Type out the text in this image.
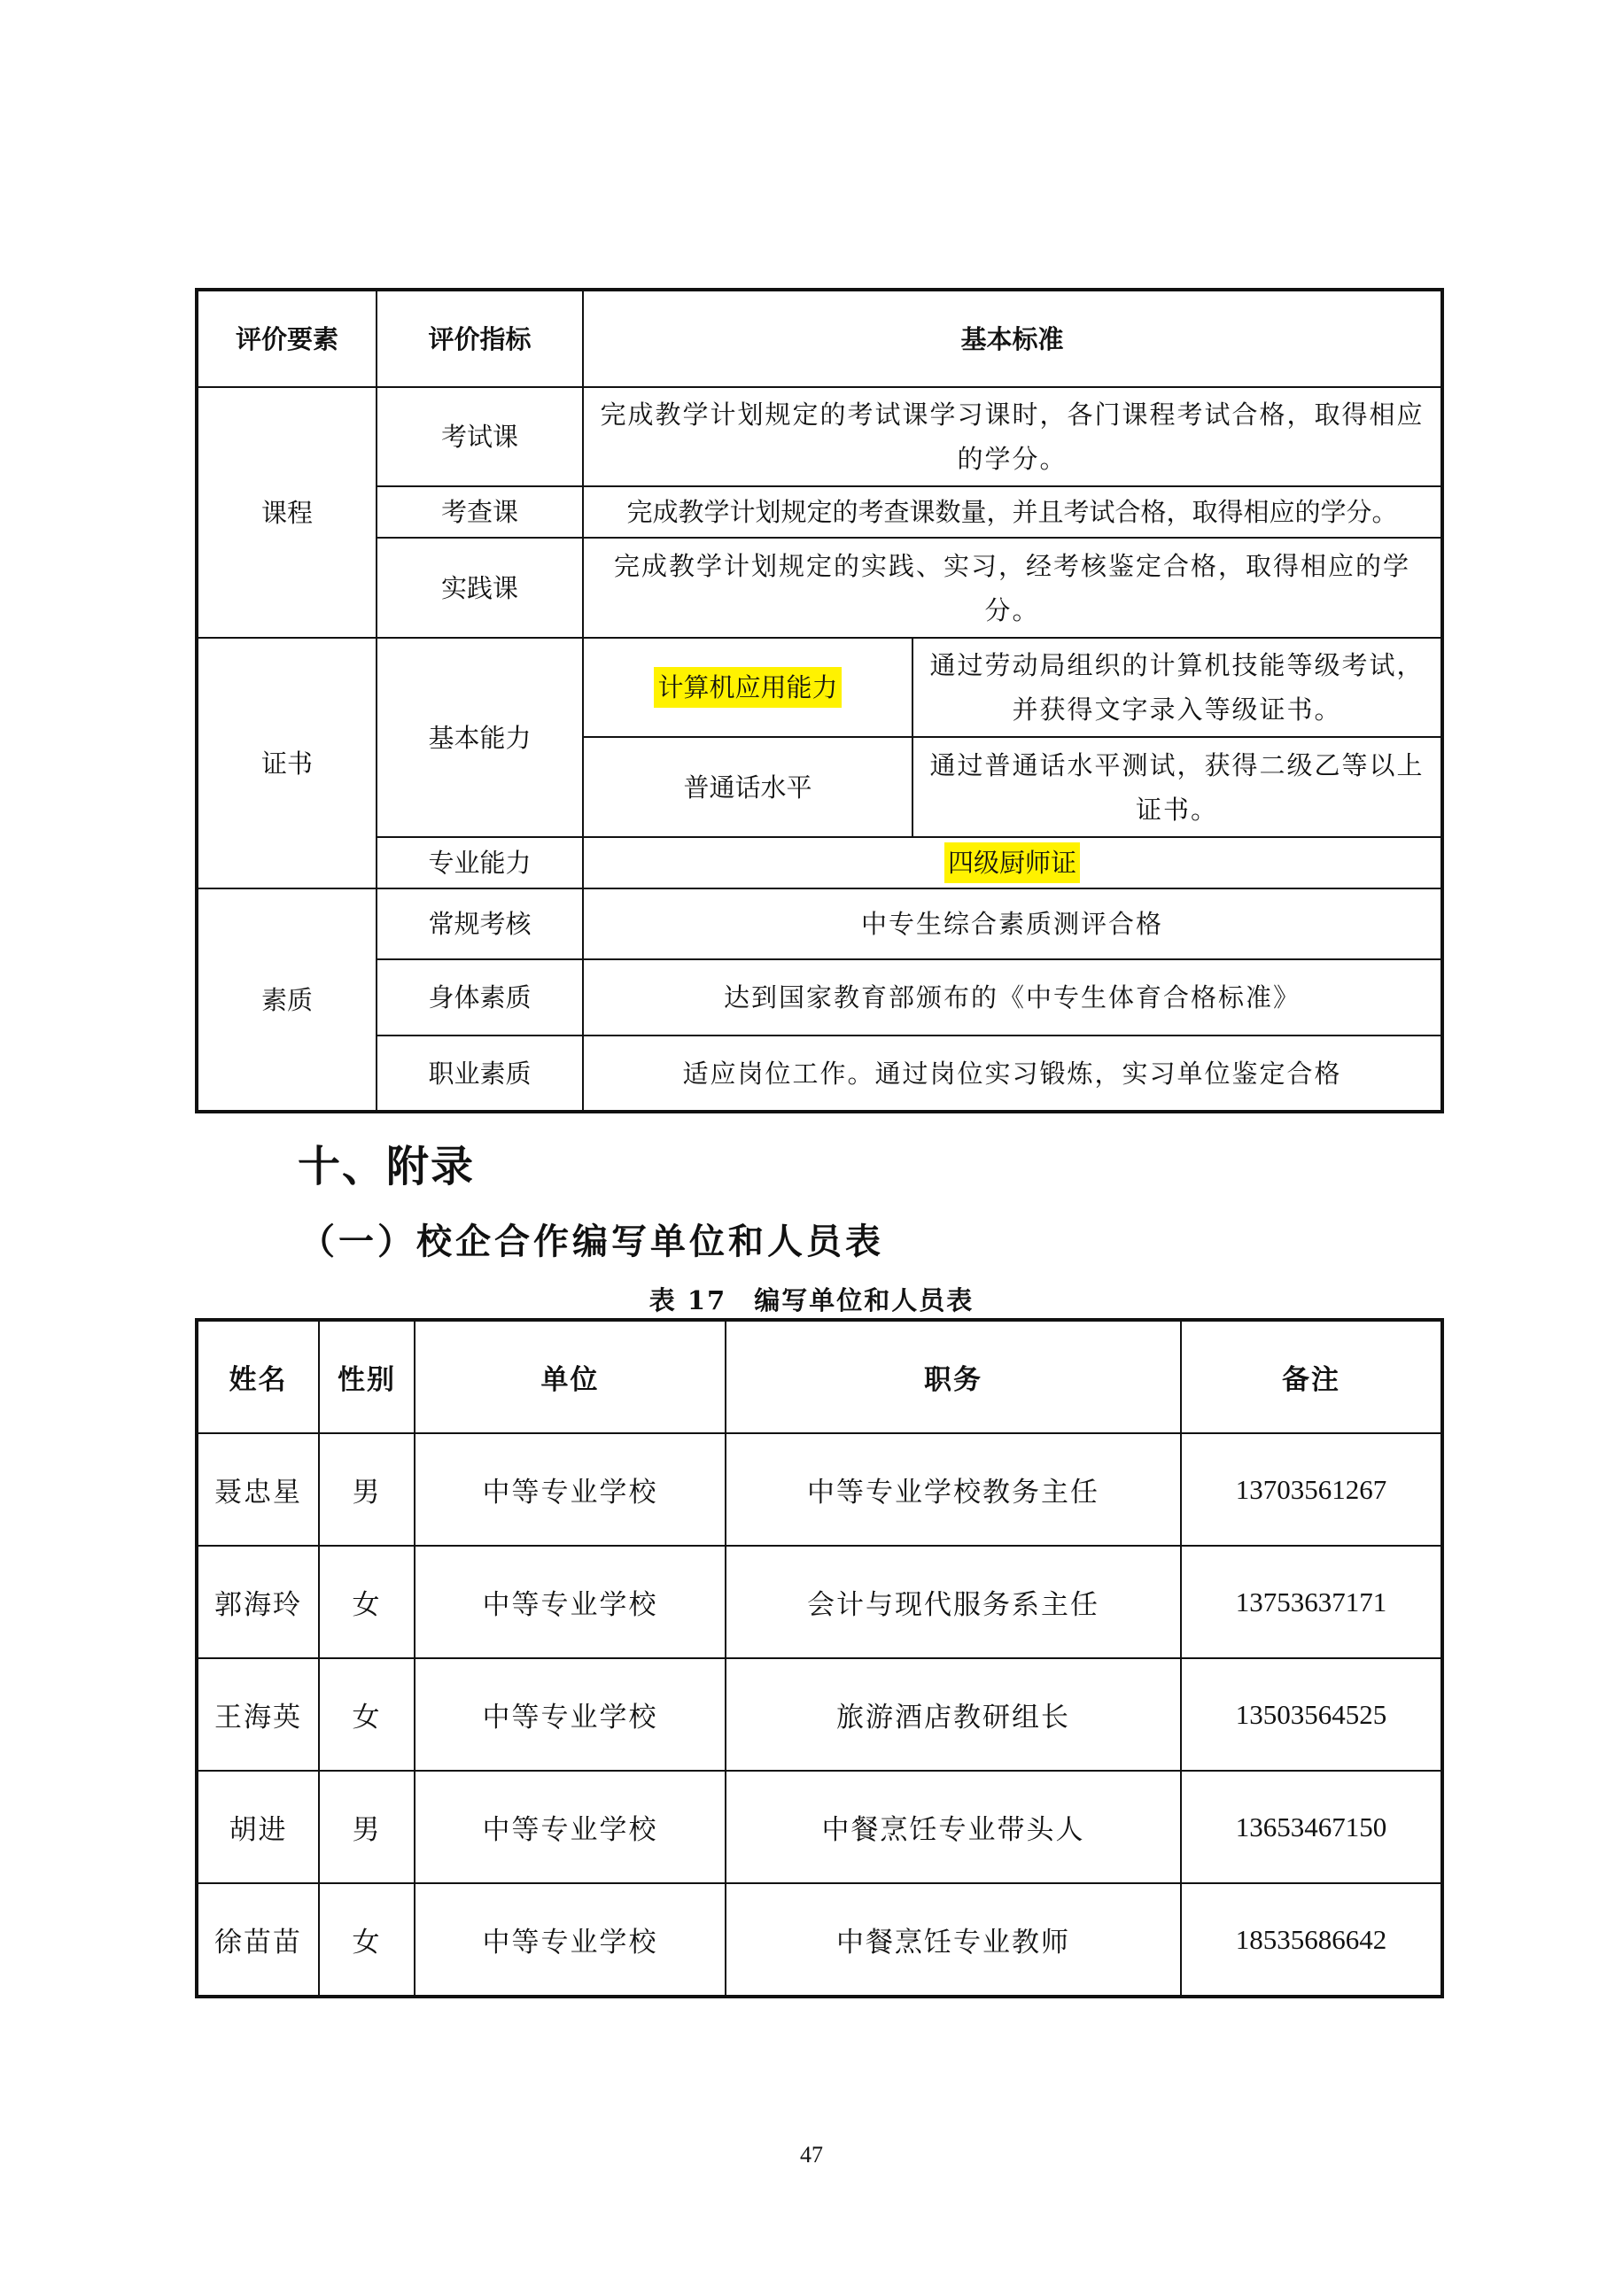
评价要素	评价指标	基本标准	
课程	考试课	完成教学计划规定的考试课学习课时，各门课程考试合格，取得相应的学分。	
	考查课	完成教学计划规定的考查课数量，并且考试合格，取得相应的学分。	
	实践课	完成教学计划规定的实践、实习，经考核鉴定合格，取得相应的学分。	
证书	基本能力	计算机应用能力	通过劳动局组织的计算机技能等级考试，并获得文字录入等级证书。
		普通话水平	通过普通话水平测试，获得二级乙等以上证书。
	专业能力	四级厨师证	
素质	常规考核	中专生综合素质测评合格	
	身体素质	达到国家教育部颁布的《中专生体育合格标准》	
	职业素质	适应岗位工作。通过岗位实习锻炼，实习单位鉴定合格	
十、附录
（一）校企合作编写单位和人员表
表 17　编写单位和人员表
姓名	性别	单位	职务	备注
聂忠星	男	中等专业学校	中等专业学校教务主任	13703561267
郭海玲	女	中等专业学校	会计与现代服务系主任	13753637171
王海英	女	中等专业学校	旅游酒店教研组长	13503564525
胡进	男	中等专业学校	中餐烹饪专业带头人	13653467150
徐苗苗	女	中等专业学校	中餐烹饪专业教师	18535686642
47
